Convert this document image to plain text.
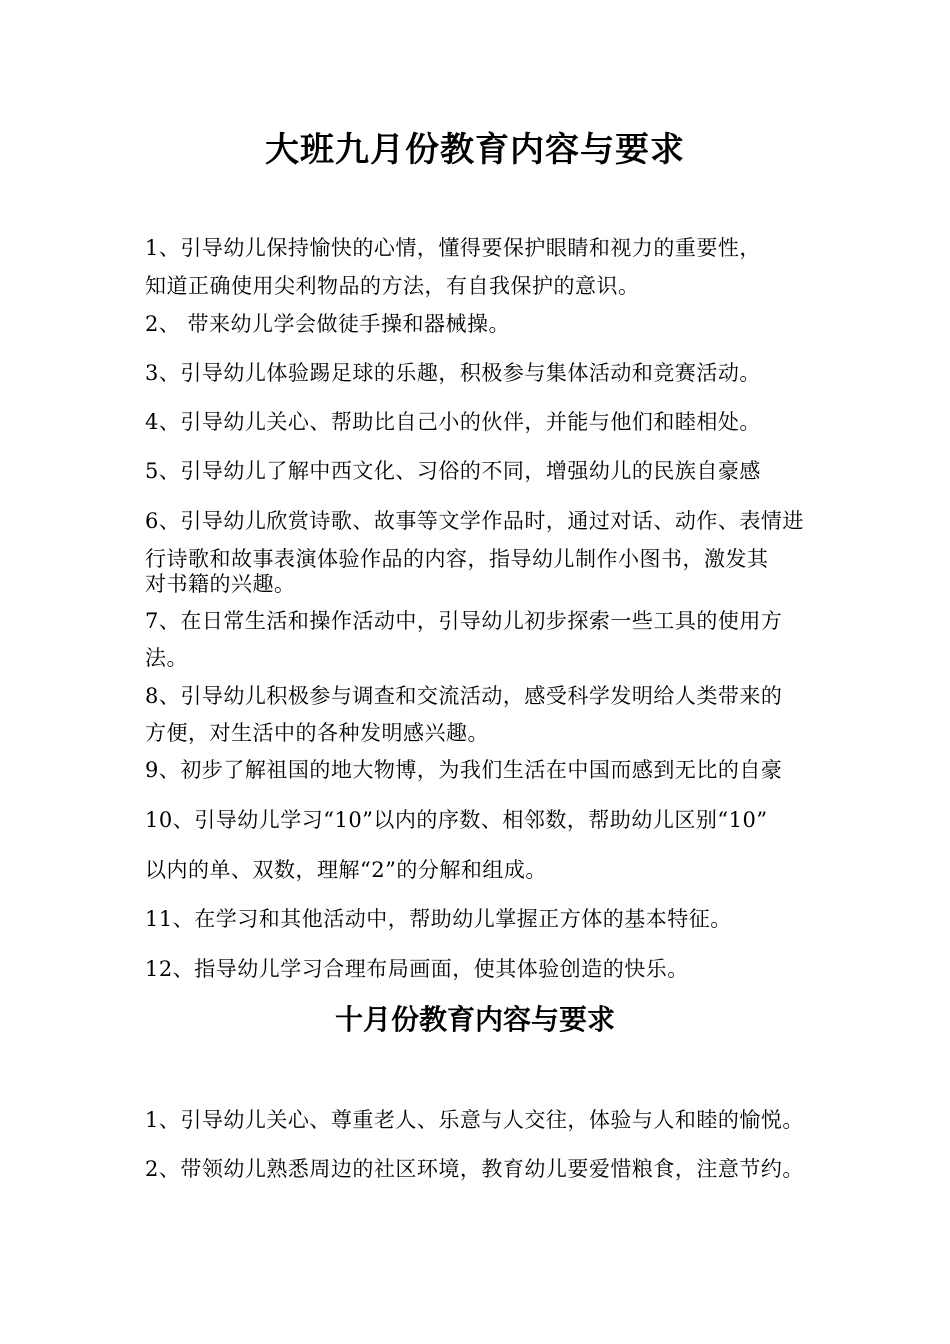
大班九月份教育内容与要求
1、引导幼儿保持愉快的心情，懂得要保护眼睛和视力的重要性，
知道正确使用尖利物品的方法，有自我保护的意识。
2、 带来幼儿学会做徒手操和器械操。
3、引导幼儿体验踢足球的乐趣，积极参与集体活动和竞赛活动。
4、引导幼儿关心、帮助比自己小的伙伴，并能与他们和睦相处。
5、引导幼儿了解中西文化、习俗的不同，增强幼儿的民族自豪感
6、引导幼儿欣赏诗歌、故事等文学作品时，通过对话、动作、表情进
行诗歌和故事表演体验作品的内容，指导幼儿制作小图书，激发其
对书籍的兴趣。
7、在日常生活和操作活动中，引导幼儿初步探索一些工具的使用方
法。
8、引导幼儿积极参与调查和交流活动，感受科学发明给人类带来的
方便，对生活中的各种发明感兴趣。
9、初步了解祖国的地大物博，为我们生活在中国而感到无比的自豪
10、引导幼儿学习“10”以内的序数、相邻数，帮助幼儿区别“10”
以内的单、双数，理解“2”的分解和组成。
11、在学习和其他活动中，帮助幼儿掌握正方体的基本特征。
12、指导幼儿学习合理布局画面，使其体验创造的快乐。
十月份教育内容与要求
1、引导幼儿关心、尊重老人、乐意与人交往，体验与人和睦的愉悦。
2、带领幼儿熟悉周边的社区环境，教育幼儿要爱惜粮食，注意节约。
